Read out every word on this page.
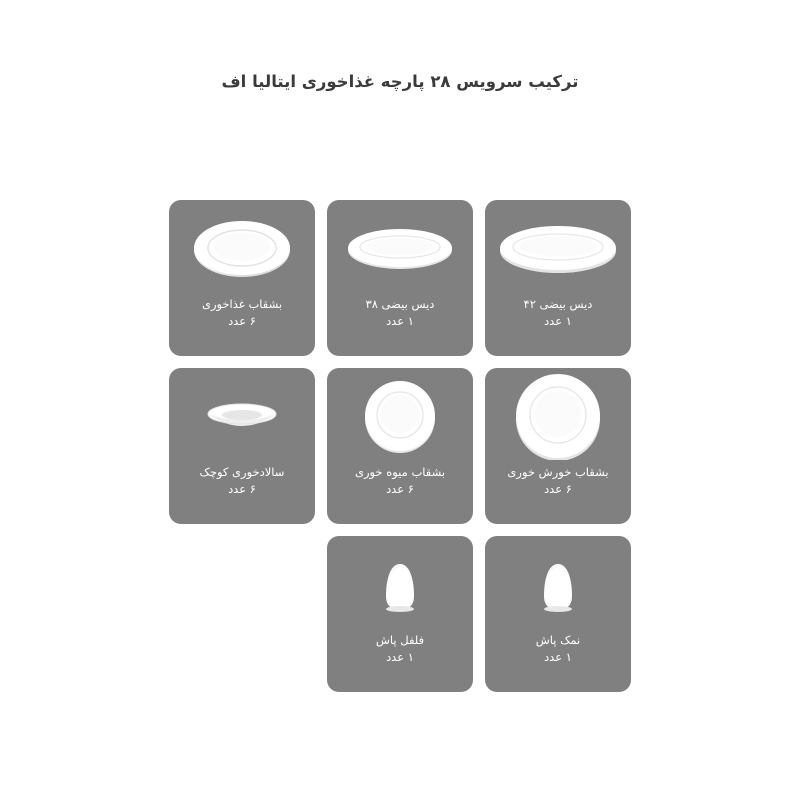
ترکیب سرویس ۲۸ پارچه غذاخوری ایتالیا اف
بشقاب غذاخوری
۶ عدد
دیس بیضی ۳۸
۱ عدد
دیس بیضی ۴۲
۱ عدد
سالادخوری کوچک
۶ عدد
بشقاب میوه خوری
۶ عدد
بشقاب خورش خوری
۶ عدد
فلفل پاش
۱ عدد
نمک پاش
۱ عدد
